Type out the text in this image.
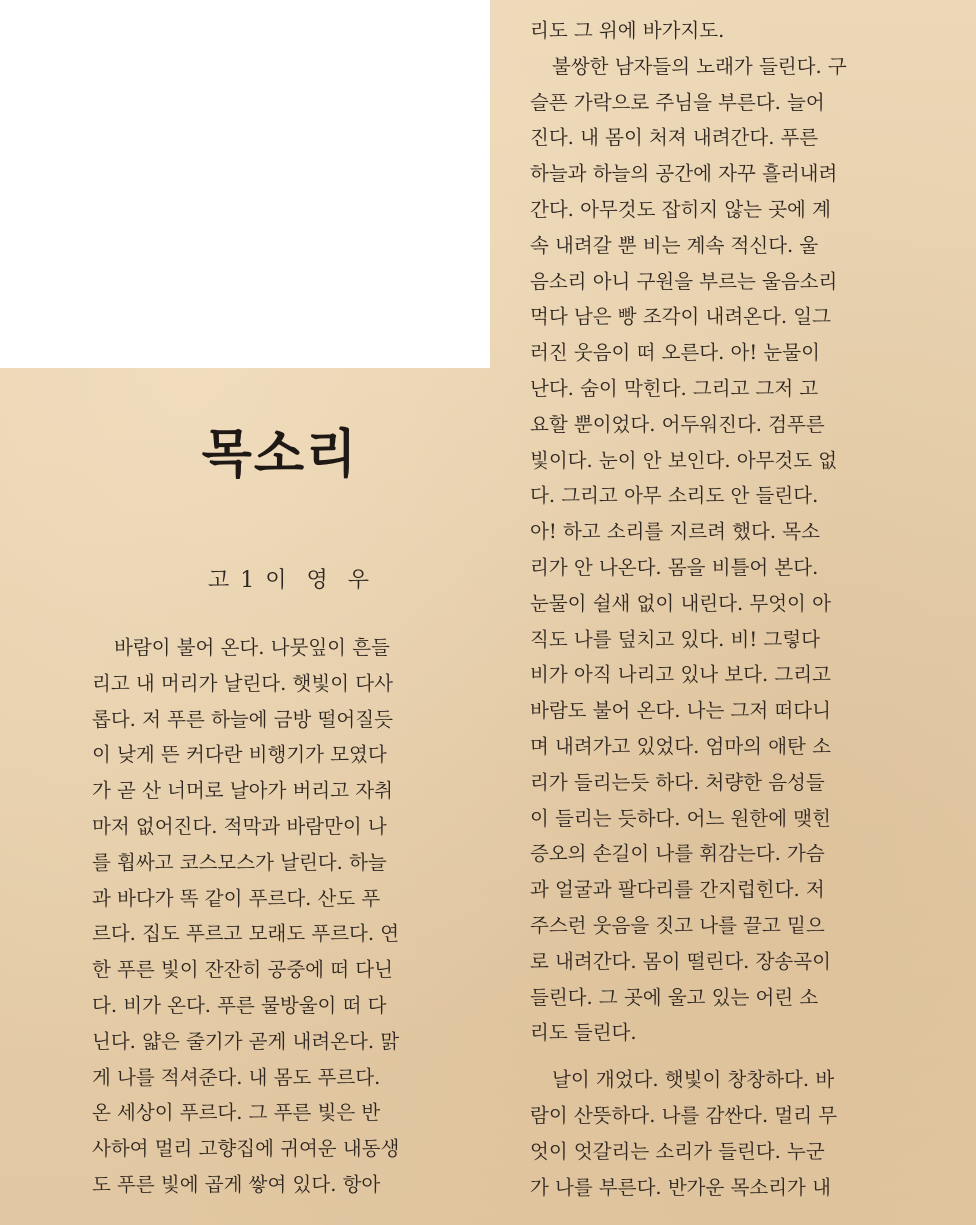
목소리
고 1 이  영  우
바람이 불어 온다. 나뭇잎이 흔들
리고 내 머리가 날린다. 햇빛이 다사
롭다. 저 푸른 하늘에 금방 떨어질듯
이 낮게 뜬 커다란 비행기가 모였다
가 곧 산 너머로 날아가 버리고 자취
마저 없어진다. 적막과 바람만이 나
를 휩싸고 코스모스가 날린다. 하늘
과 바다가 똑 같이 푸르다. 산도 푸
르다. 집도 푸르고 모래도 푸르다. 연
한 푸른 빛이 잔잔히 공중에 떠 다닌
다. 비가 온다. 푸른 물방울이 떠 다
닌다. 얇은 줄기가 곧게 내려온다. 맑
게 나를 적셔준다. 내 몸도 푸르다.
온 세상이 푸르다. 그 푸른 빛은 반
사하여 멀리 고향집에 귀여운 내동생
도 푸른 빛에 곱게 쌓여 있다. 항아
리도 그 위에 바가지도.
불쌍한 남자들의 노래가 들린다. 구
슬픈 가락으로 주님을 부른다. 늘어
진다. 내 몸이 처져 내려간다. 푸른
하늘과 하늘의 공간에 자꾸 흘러내려
간다. 아무것도 잡히지 않는 곳에 계
속 내려갈 뿐 비는 계속 적신다. 울
음소리 아니 구원을 부르는 울음소리
먹다 남은 빵 조각이 내려온다. 일그
러진 웃음이 떠 오른다. 아! 눈물이
난다. 숨이 막힌다. 그리고 그저 고
요할 뿐이었다. 어두워진다. 검푸른
빛이다. 눈이 안 보인다. 아무것도 없
다. 그리고 아무 소리도 안 들린다.
아! 하고 소리를 지르려 했다. 목소
리가 안 나온다. 몸을 비틀어 본다.
눈물이 쉴새 없이 내린다. 무엇이 아
직도 나를 덮치고 있다. 비! 그렇다
비가 아직 나리고 있나 보다. 그리고
바람도 불어 온다. 나는 그저 떠다니
며 내려가고 있었다. 엄마의 애탄 소
리가 들리는듯 하다. 처량한 음성들
이 들리는 듯하다. 어느 원한에 맺힌
증오의 손길이 나를 휘감는다. 가슴
과 얼굴과 팔다리를 간지럽힌다. 저
주스런 웃음을 짓고 나를 끌고 밑으
로 내려간다. 몸이 떨린다. 장송곡이
들린다. 그 곳에 울고 있는 어린 소
리도 들린다.
날이 개었다. 햇빛이 창창하다. 바
람이 산뜻하다. 나를 감싼다. 멀리 무
엇이 엇갈리는 소리가 들린다. 누군
가 나를 부른다. 반가운 목소리가 내
